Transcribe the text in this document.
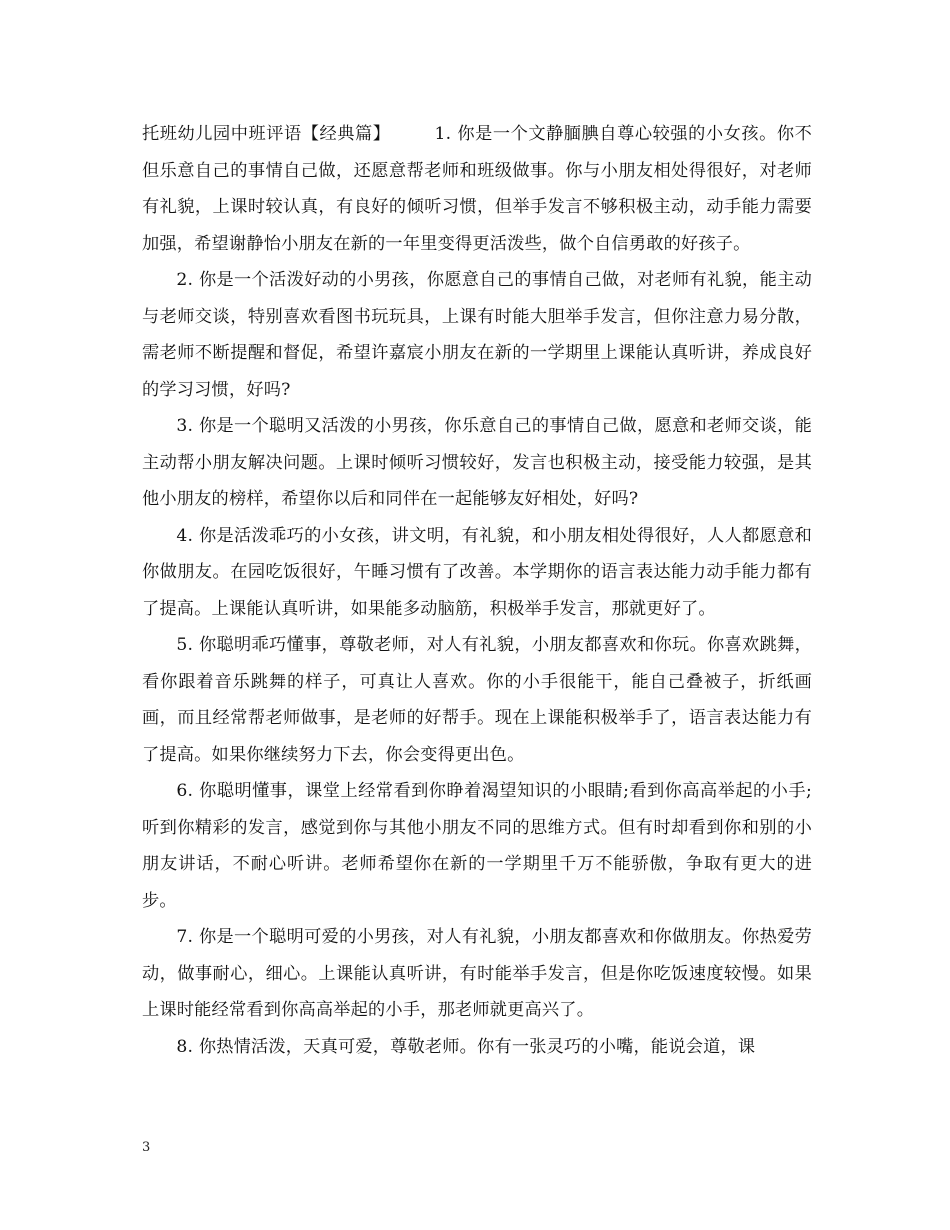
托班幼儿园中班评语【经典篇】	1. 你是一个文静腼腆自尊心较强的小女孩。你不但乐意自己的事情自己做，还愿意帮老师和班级做事。你与小朋友相处得很好，对老师有礼貌，上课时较认真，有良好的倾听习惯，但举手发言不够积极主动，动手能力需要加强，希望谢静怡小朋友在新的一年里变得更活泼些，做个自信勇敢的好孩子。

2. 你是一个活泼好动的小男孩，你愿意自己的事情自己做，对老师有礼貌，能主动与老师交谈，特别喜欢看图书玩玩具，上课有时能大胆举手发言，但你注意力易分散，需老师不断提醒和督促，希望许嘉宸小朋友在新的一学期里上课能认真听讲，养成良好的学习习惯，好吗?

3. 你是一个聪明又活泼的小男孩，你乐意自己的事情自己做，愿意和老师交谈，能主动帮小朋友解决问题。上课时倾听习惯较好，发言也积极主动，接受能力较强，是其他小朋友的榜样，希望你以后和同伴在一起能够友好相处，好吗?

4. 你是活泼乖巧的小女孩，讲文明，有礼貌，和小朋友相处得很好，人人都愿意和你做朋友。在园吃饭很好，午睡习惯有了改善。本学期你的语言表达能力动手能力都有了提高。上课能认真听讲，如果能多动脑筋，积极举手发言，那就更好了。

5. 你聪明乖巧懂事，尊敬老师，对人有礼貌，小朋友都喜欢和你玩。你喜欢跳舞，看你跟着音乐跳舞的样子，可真让人喜欢。你的小手很能干，能自己叠被子，折纸画画，而且经常帮老师做事，是老师的好帮手。现在上课能积极举手了，语言表达能力有了提高。如果你继续努力下去，你会变得更出色。

6. 你聪明懂事，课堂上经常看到你睁着渴望知识的小眼睛;看到你高高举起的小手;听到你精彩的发言，感觉到你与其他小朋友不同的思维方式。但有时却看到你和别的小朋友讲话，不耐心听讲。老师希望你在新的一学期里千万不能骄傲，争取有更大的进步。

7. 你是一个聪明可爱的小男孩，对人有礼貌，小朋友都喜欢和你做朋友。你热爱劳动，做事耐心，细心。上课能认真听讲，有时能举手发言，但是你吃饭速度较慢。如果上课时能经常看到你高高举起的小手，那老师就更高兴了。

8. 你热情活泼，天真可爱，尊敬老师。你有一张灵巧的小嘴，能说会道，课

3
